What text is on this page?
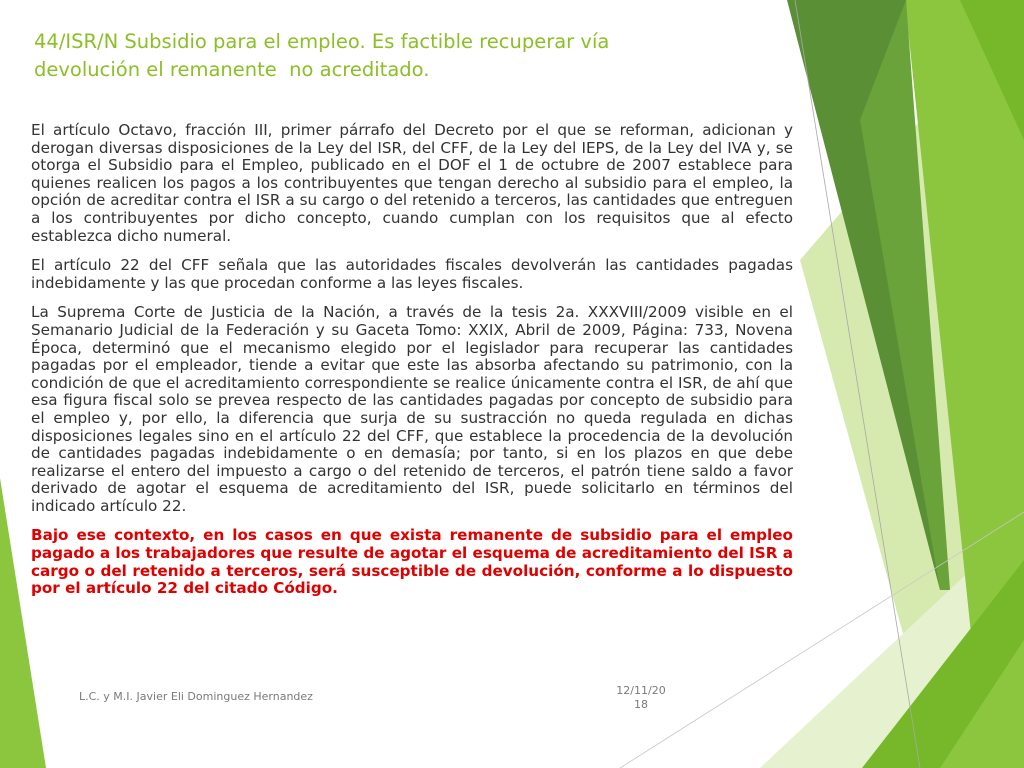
44/ISR/N Subsidio para el empleo. Es factible recuperar vía
devolución el remanente  no acreditado.

El artículo Octavo, fracción III, primer párrafo del Decreto por el que se reforman, adicionan y derogan diversas disposiciones de la Ley del ISR, del CFF, de la Ley del IEPS, de la Ley del IVA y, se otorga el Subsidio para el Empleo, publicado en el DOF el 1 de octubre de 2007 establece para quienes realicen los pagos a los contribuyentes que tengan derecho al subsidio para el empleo, la opción de acreditar contra el ISR a su cargo o del retenido a terceros, las cantidades que entreguen a los contribuyentes por dicho concepto, cuando cumplan con los requisitos que al efecto establezca dicho numeral.

El artículo 22 del CFF señala que las autoridades fiscales devolverán las cantidades pagadas indebidamente y las que procedan conforme a las leyes fiscales.

La Suprema Corte de Justicia de la Nación, a través de la tesis 2a. XXXVIII/2009 visible en el Semanario Judicial de la Federación y su Gaceta Tomo: XXIX, Abril de 2009, Página: 733, Novena Época, determinó que el mecanismo elegido por el legislador para recuperar las cantidades pagadas por el empleador, tiende a evitar que este las absorba afectando su patrimonio, con la condición de que el acreditamiento correspondiente se realice únicamente contra el ISR, de ahí que esa figura fiscal solo se prevea respecto de las cantidades pagadas por concepto de subsidio para el empleo y, por ello, la diferencia que surja de su sustracción no queda regulada en dichas disposiciones legales sino en el artículo 22 del CFF, que establece la procedencia de la devolución de cantidades pagadas indebidamente o en demasía; por tanto, si en los plazos en que debe realizarse el entero del impuesto a cargo o del retenido de terceros, el patrón tiene saldo a favor derivado de agotar el esquema de acreditamiento del ISR, puede solicitarlo en términos del indicado artículo 22.

Bajo ese contexto, en los casos en que exista remanente de subsidio para el empleo pagado a los trabajadores que resulte de agotar el esquema de acreditamiento del ISR a cargo o del retenido a terceros, será susceptible de devolución, conforme a lo dispuesto por el artículo 22 del citado Código.

L.C. y M.I. Javier Eli Dominguez Hernandez	12/11/20
18
